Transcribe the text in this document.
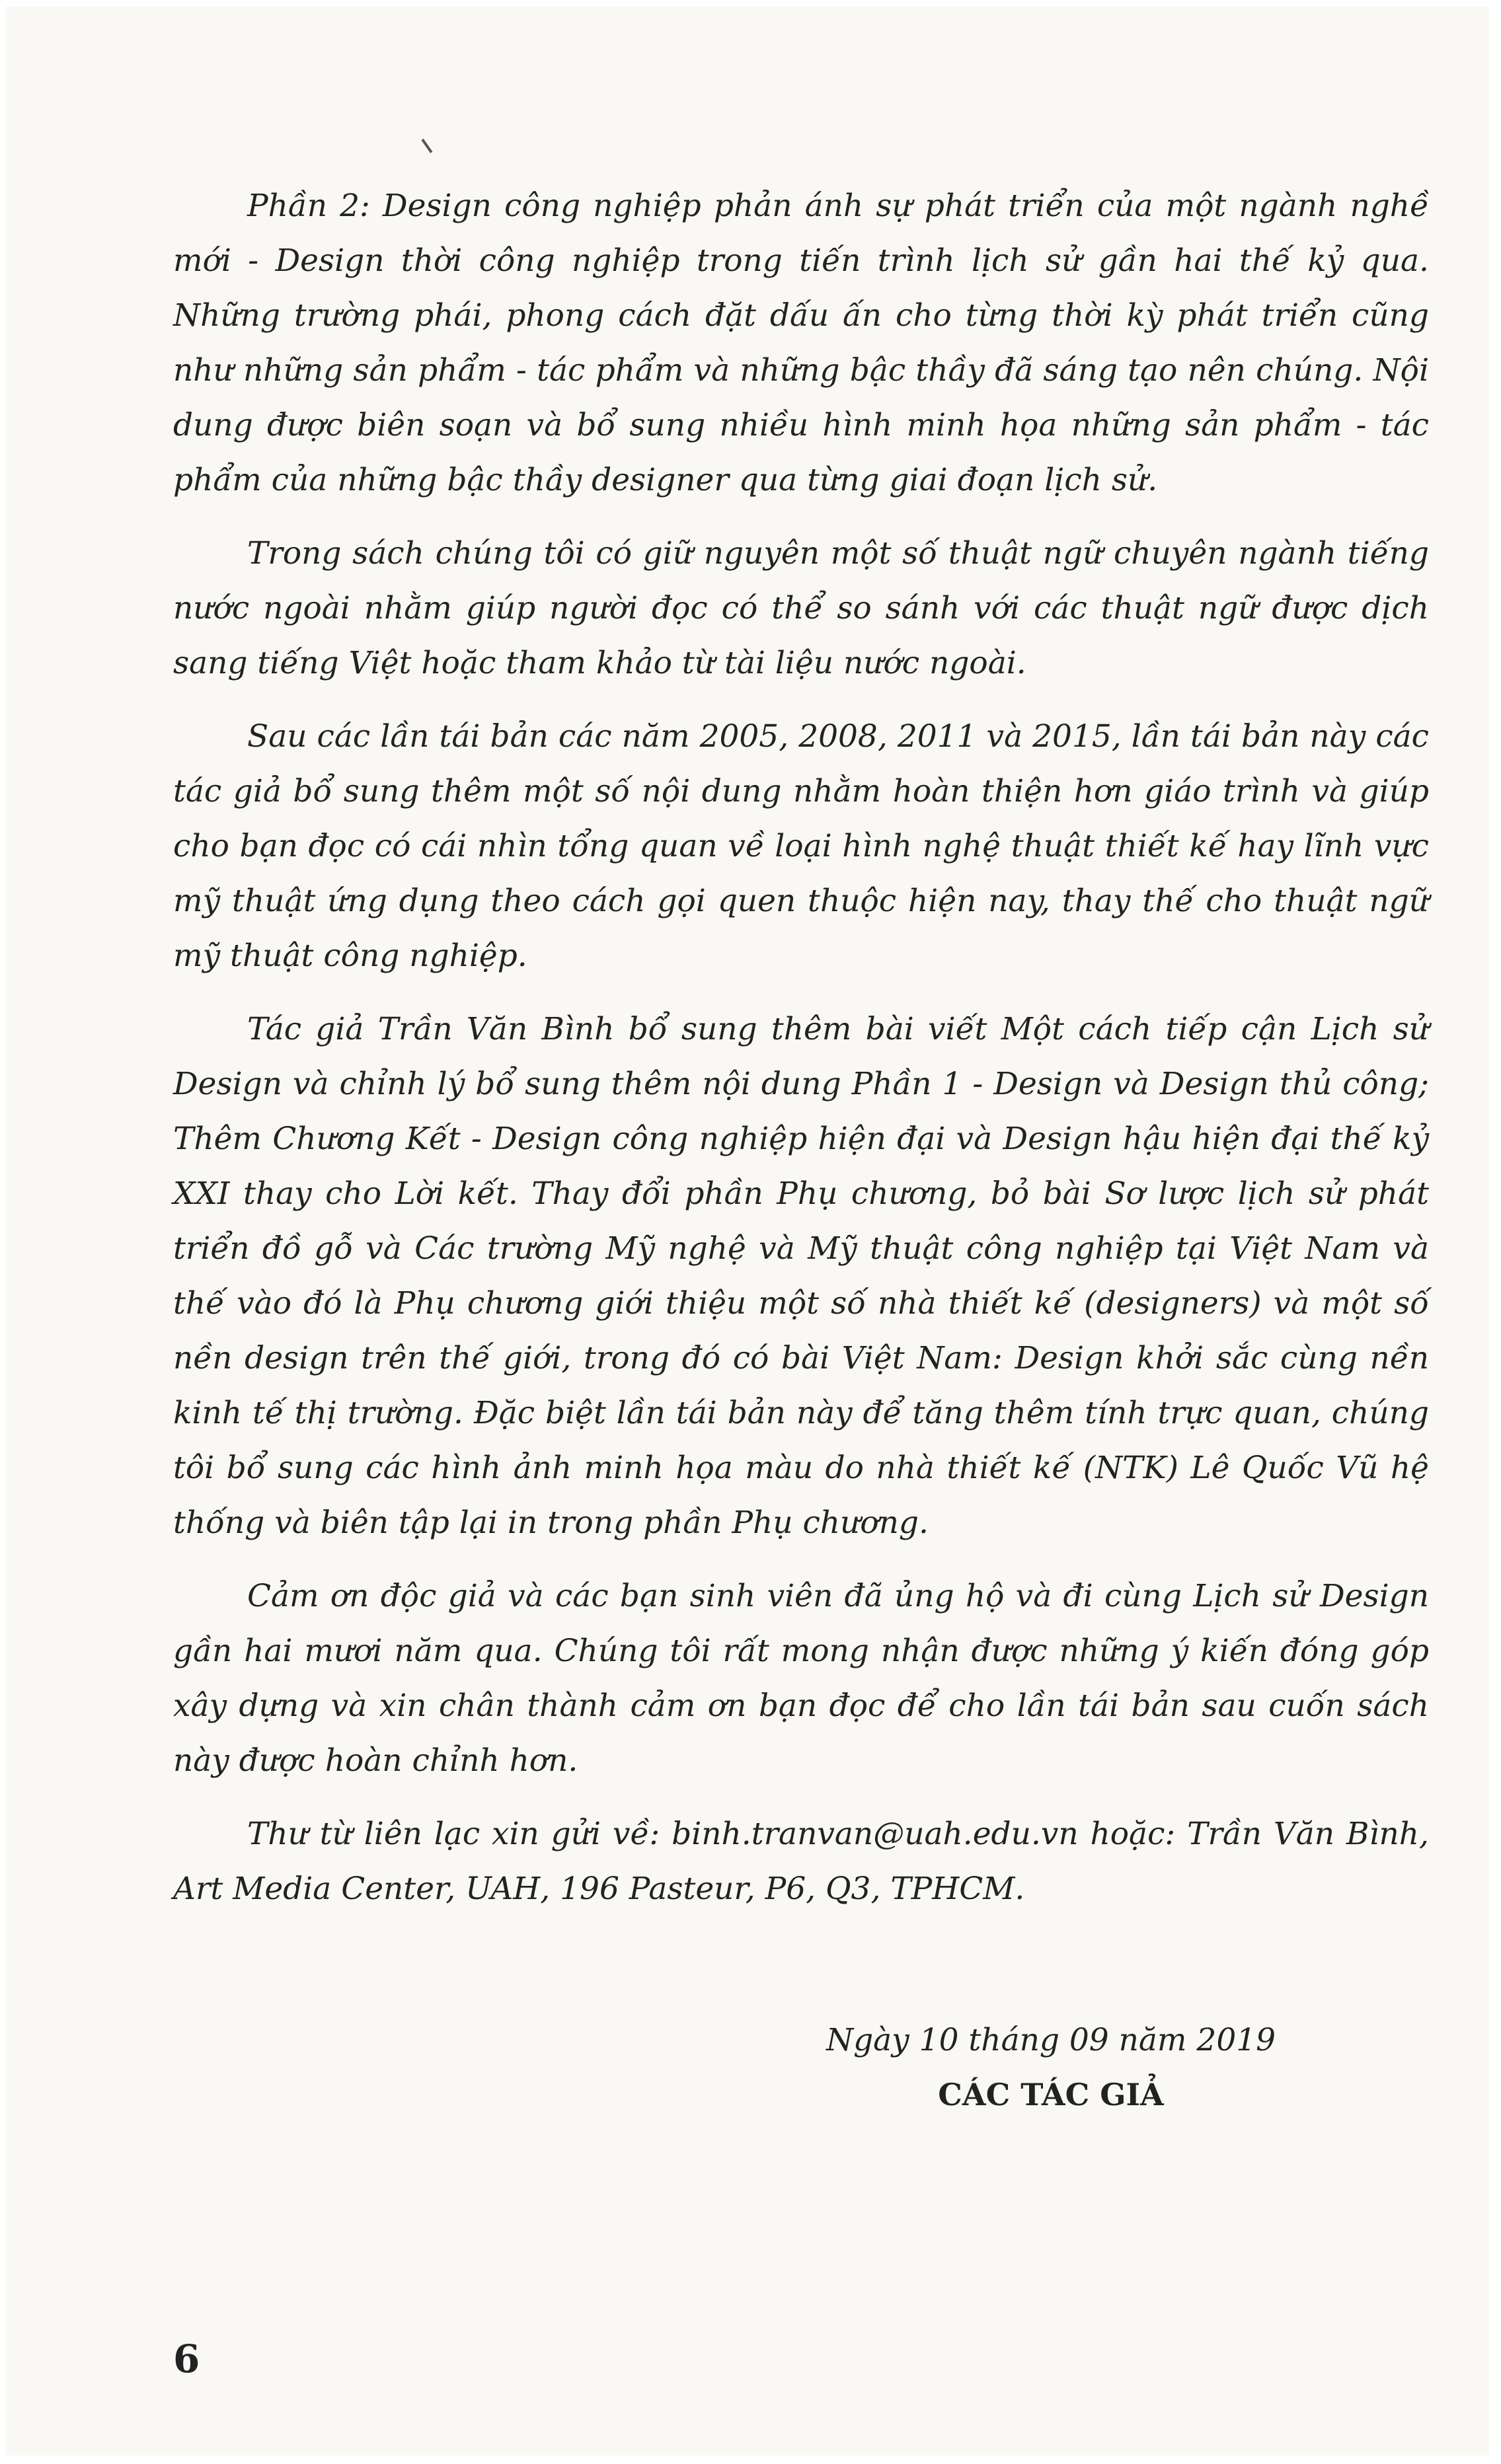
Phần 2: Design công nghiệp phản ánh sự phát triển của một ngành nghề mới - Design thời công nghiệp trong tiến trình lịch sử gần hai thế kỷ qua. Những trường phái, phong cách đặt dấu ấn cho từng thời kỳ phát triển cũng như những sản phẩm - tác phẩm và những bậc thầy đã sáng tạo nên chúng. Nội dung được biên soạn và bổ sung nhiều hình minh họa những sản phẩm - tác phẩm của những bậc thầy designer qua từng giai đoạn lịch sử.

Trong sách chúng tôi có giữ nguyên một số thuật ngữ chuyên ngành tiếng nước ngoài nhằm giúp người đọc có thể so sánh với các thuật ngữ được dịch sang tiếng Việt hoặc tham khảo từ tài liệu nước ngoài.

Sau các lần tái bản các năm 2005, 2008, 2011 và 2015, lần tái bản này các tác giả bổ sung thêm một số nội dung nhằm hoàn thiện hơn giáo trình và giúp cho bạn đọc có cái nhìn tổng quan về loại hình nghệ thuật thiết kế hay lĩnh vực mỹ thuật ứng dụng theo cách gọi quen thuộc hiện nay, thay thế cho thuật ngữ mỹ thuật công nghiệp.

Tác giả Trần Văn Bình bổ sung thêm bài viết Một cách tiếp cận Lịch sử Design và chỉnh lý bổ sung thêm nội dung Phần 1 - Design và Design thủ công; Thêm Chương Kết - Design công nghiệp hiện đại và Design hậu hiện đại thế kỷ XXI thay cho Lời kết. Thay đổi phần Phụ chương, bỏ bài Sơ lược lịch sử phát triển đồ gỗ và Các trường Mỹ nghệ và Mỹ thuật công nghiệp tại Việt Nam và thế vào đó là Phụ chương giới thiệu một số nhà thiết kế (designers) và một số nền design trên thế giới, trong đó có bài Việt Nam: Design khởi sắc cùng nền kinh tế thị trường. Đặc biệt lần tái bản này để tăng thêm tính trực quan, chúng tôi bổ sung các hình ảnh minh họa màu do nhà thiết kế (NTK) Lê Quốc Vũ hệ thống và biên tập lại in trong phần Phụ chương.

Cảm ơn độc giả và các bạn sinh viên đã ủng hộ và đi cùng Lịch sử Design gần hai mươi năm qua. Chúng tôi rất mong nhận được những ý kiến đóng góp xây dựng và xin chân thành cảm ơn bạn đọc để cho lần tái bản sau cuốn sách này được hoàn chỉnh hơn.

Thư từ liên lạc xin gửi về: binh.tranvan@uah.edu.vn hoặc: Trần Văn Bình, Art Media Center, UAH, 196 Pasteur, P6, Q3, TPHCM.

Ngày 10 tháng 09 năm 2019
CÁC TÁC GIẢ
6
